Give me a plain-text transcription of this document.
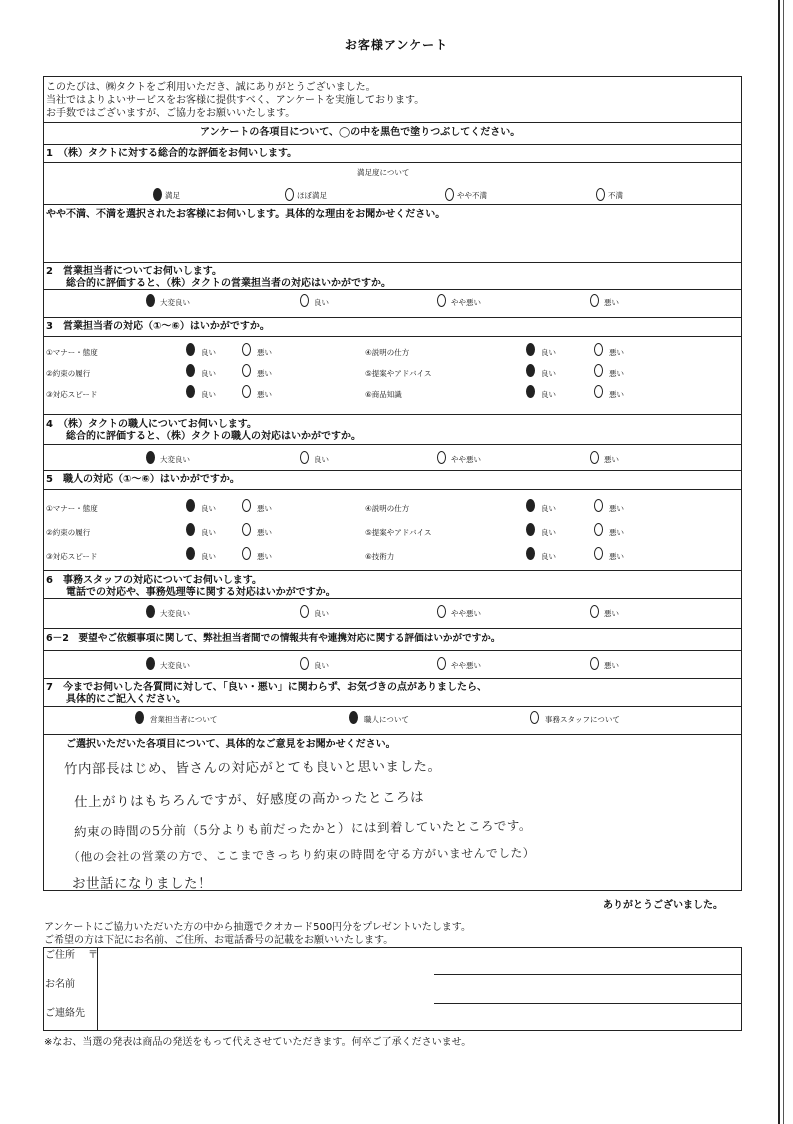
お客様アンケート
このたびは、㈱タクトをご利用いただき、誠にありがとうございました。
当社ではよりよいサービスをお客様に提供すべく、アンケートを実施しております。
お手数ではございますが、ご協力をお願いいたします。
アンケートの各項目について、◯の中を黒色で塗りつぶしてください。
1　（株）タクトに対する総合的な評価をお伺いします。
満足度について
満足	ほぼ満足	やや不満	不満
やや不満、不満を選択されたお客様にお伺いします。具体的な理由をお聞かせください。
2　営業担当者についてお伺いします。
総合的に評価すると、（株）タクトの営業担当者の対応はいかがですか。
大変良い	良い	やや悪い	悪い
3　営業担当者の対応（①～⑥）はいかがですか。
①マナー・態度	良い	悪い	④説明の仕方	良い	悪い
②約束の履行	良い	悪い	⑤提案やアドバイス	良い	悪い
③対応スピード	良い	悪い	⑥商品知識	良い	悪い
4　（株）タクトの職人についてお伺いします。
総合的に評価すると、（株）タクトの職人の対応はいかがですか。
大変良い	良い	やや悪い	悪い
5　職人の対応（①～⑥）はいかがですか。
①マナー・態度	良い	悪い	④説明の仕方	良い	悪い
②約束の履行	良い	悪い	⑤提案やアドバイス	良い	悪い
③対応スピード	良い	悪い	⑥技術力	良い	悪い
6　事務スタッフの対応についてお伺いします。
電話での対応や、事務処理等に関する対応はいかがですか。
大変良い	良い	やや悪い	悪い
6－2　要望やご依頼事項に関して、弊社担当者間での情報共有や連携対応に関する評価はいかがですか。
大変良い	良い	やや悪い	悪い
7　今までお伺いした各質問に対して、「良い・悪い」に関わらず、お気づきの点がありましたら、
具体的にご記入ください。
営業担当者について	職人について	事務スタッフについて
ご選択いただいた各項目について、具体的なご意見をお聞かせください。
竹内部長はじめ、皆さんの対応がとても良いと思いました。
仕上がりはもちろんですが、好感度の高かったところは
約束の時間の5分前（5分よりも前だったかと）には到着していたところです。
（他の会社の営業の方で、ここまできっちり約束の時間を守る方がいませんでした）
お世話になりました！
ありがとうございました。
アンケートにご協力いただいた方の中から抽選でクオカード500円分をプレゼントいたします。
ご希望の方は下記にお名前、ご住所、お電話番号の記載をお願いいたします。
ご住所 〒
お名前
ご連絡先
※なお、当選の発表は商品の発送をもって代えさせていただきます。何卒ご了承くださいませ。
